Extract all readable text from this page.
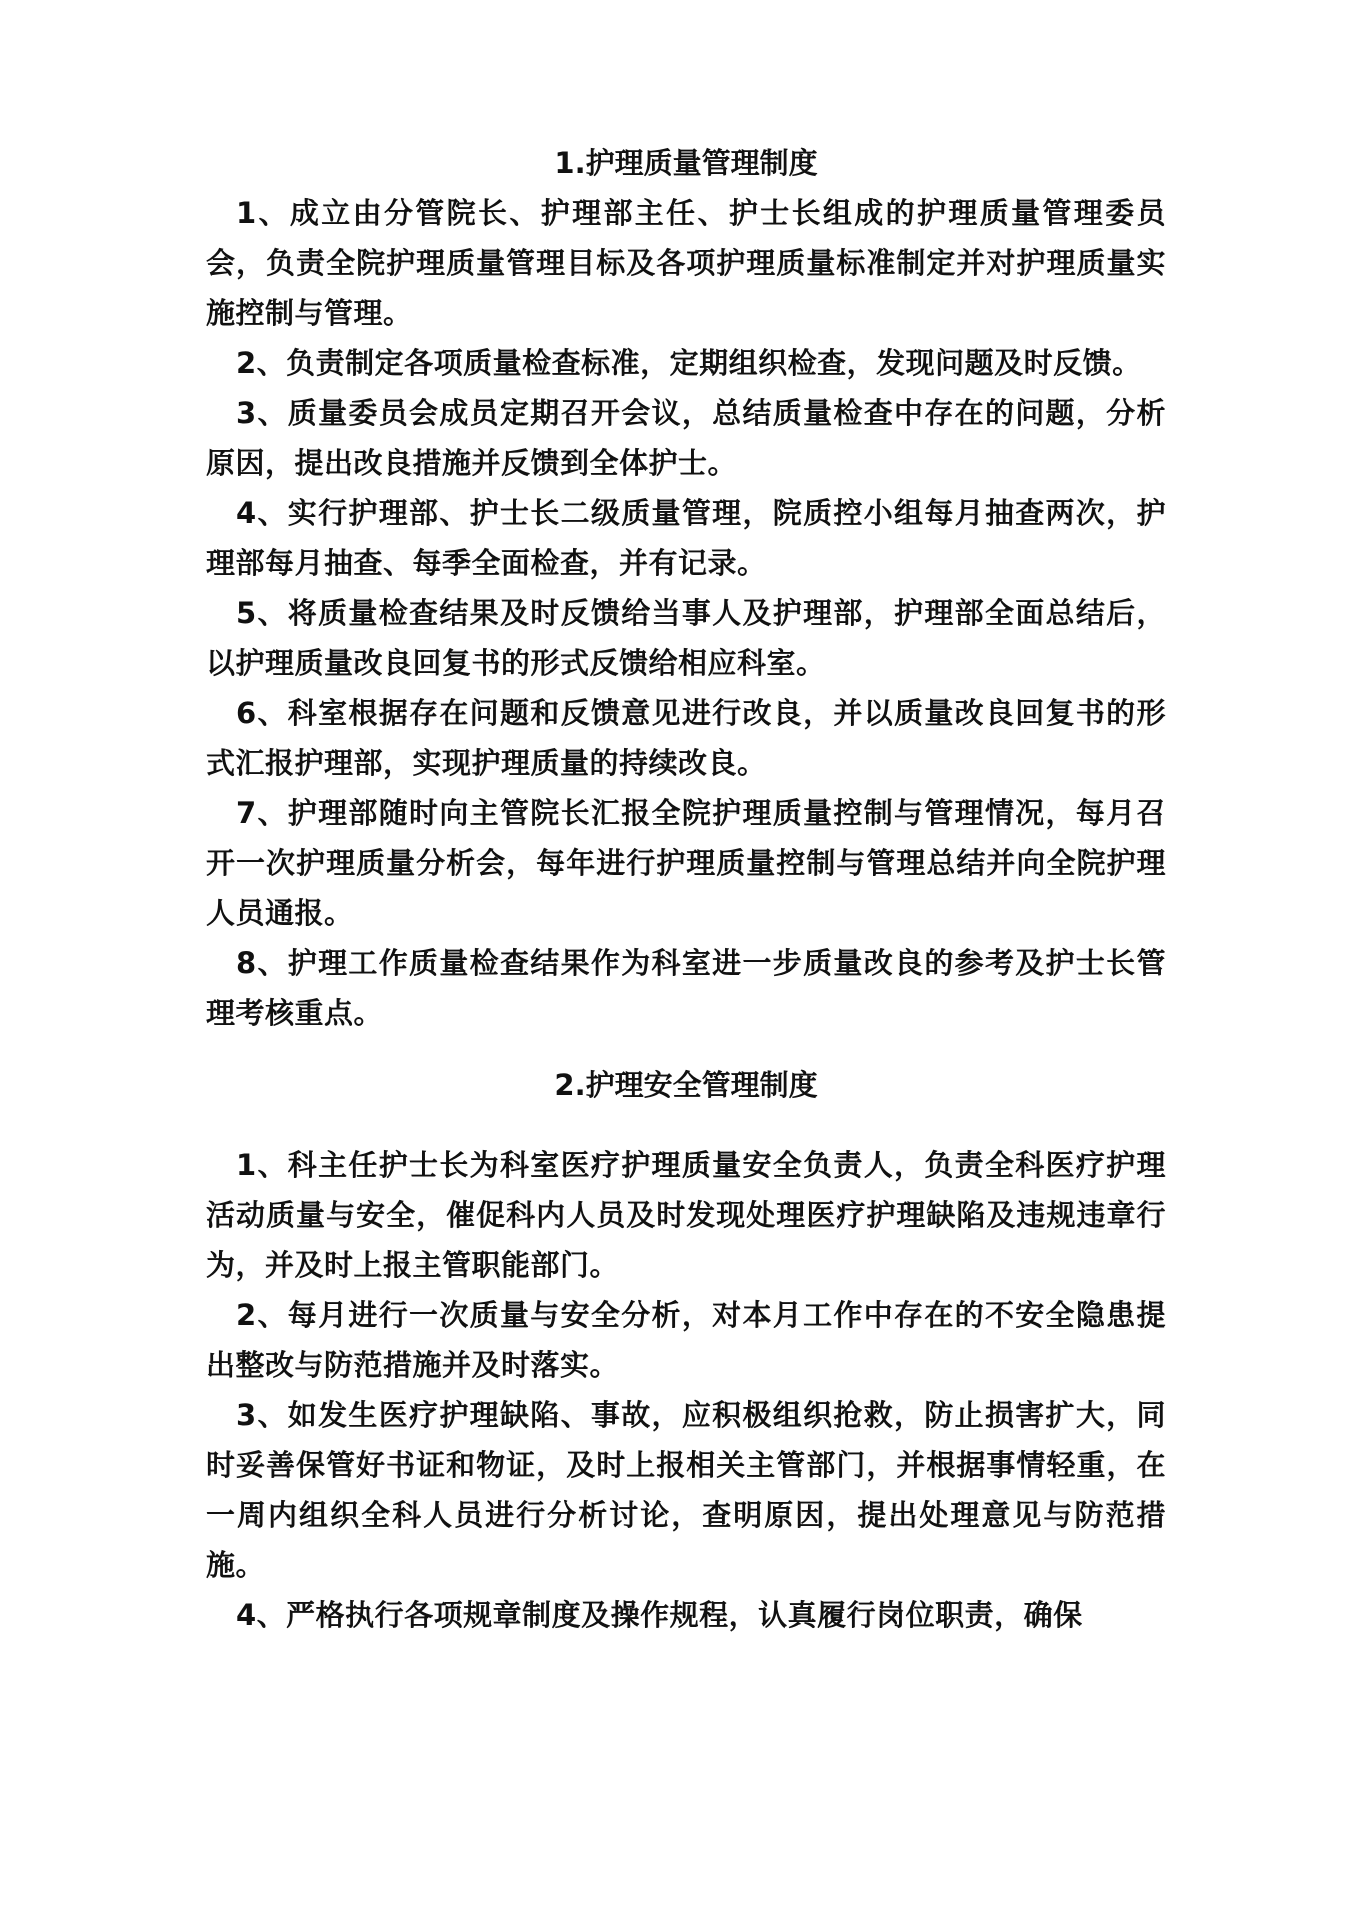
1.护理质量管理制度

1、成立由分管院长、护理部主任、护士长组成的护理质量管理委员会，负责全院护理质量管理目标及各项护理质量标准制定并对护理质量实施控制与管理。

2、负责制定各项质量检查标准，定期组织检查，发现问题及时反馈。

3、质量委员会成员定期召开会议，总结质量检查中存在的问题，分析原因，提出改良措施并反馈到全体护士。

4、实行护理部、护士长二级质量管理，院质控小组每月抽查两次，护理部每月抽查、每季全面检查，并有记录。

5、将质量检查结果及时反馈给当事人及护理部，护理部全面总结后，以护理质量改良回复书的形式反馈给相应科室。

6、科室根据存在问题和反馈意见进行改良，并以质量改良回复书的形式汇报护理部，实现护理质量的持续改良。

7、护理部随时向主管院长汇报全院护理质量控制与管理情况，每月召开一次护理质量分析会，每年进行护理质量控制与管理总结并向全院护理人员通报。

8、护理工作质量检查结果作为科室进一步质量改良的参考及护士长管理考核重点。

2.护理安全管理制度

1、科主任护士长为科室医疗护理质量安全负责人，负责全科医疗护理活动质量与安全，催促科内人员及时发现处理医疗护理缺陷及违规违章行为，并及时上报主管职能部门。

2、每月进行一次质量与安全分析，对本月工作中存在的不安全隐患提出整改与防范措施并及时落实。

3、如发生医疗护理缺陷、事故，应积极组织抢救，防止损害扩大，同时妥善保管好书证和物证，及时上报相关主管部门，并根据事情轻重，在一周内组织全科人员进行分析讨论，查明原因，提出处理意见与防范措施。

4、严格执行各项规章制度及操作规程，认真履行岗位职责，确保
